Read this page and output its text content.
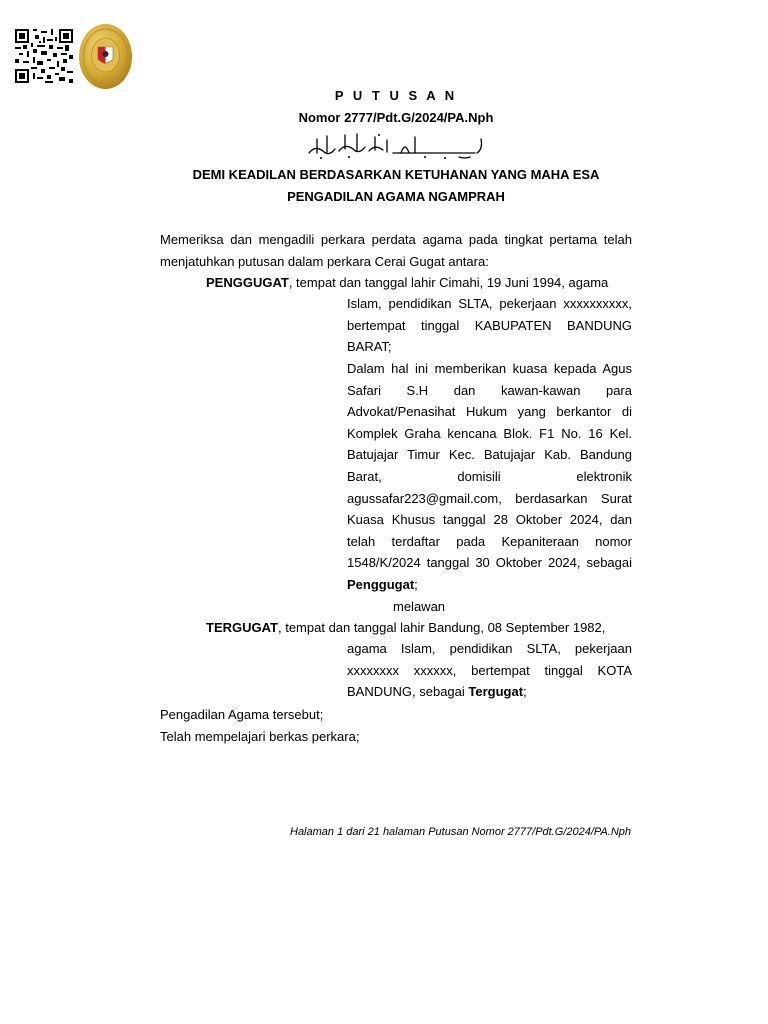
P U T U S A N
Nomor 2777/Pdt.G/2024/PA.Nph
DEMI KEADILAN BERDASARKAN KETUHANAN YANG MAHA ESA
PENGADILAN AGAMA NGAMPRAH
Memeriksa dan mengadili perkara perdata agama pada tingkat pertama telah menjatuhkan putusan dalam perkara Cerai Gugat antara:
PENGGUGAT, tempat dan tanggal lahir Cimahi, 19 Juni 1994, agama
Islam, pendidikan SLTA, pekerjaan xxxxxxxxxx, bertempat tinggal KABUPATEN BANDUNG BARAT;
Dalam hal ini memberikan kuasa kepada Agus Safari S.H dan kawan-kawan para Advokat/Penasihat Hukum yang berkantor di Komplek Graha kencana Blok. F1 No. 16 Kel. Batujajar Timur Kec. Batujajar Kab. Bandung Barat, domisili elektronik agussafar223@gmail.com, berdasarkan Surat Kuasa Khusus tanggal 28 Oktober 2024, dan telah terdaftar pada Kepaniteraan nomor 1548/K/2024 tanggal 30 Oktober 2024, sebagai Penggugat;
melawan
TERGUGAT, tempat dan tanggal lahir Bandung, 08 September 1982,
agama Islam, pendidikan SLTA, pekerjaan xxxxxxxx xxxxxx, bertempat tinggal KOTA BANDUNG, sebagai Tergugat;
Pengadilan Agama tersebut;
Telah mempelajari berkas perkara;
Halaman 1 dari 21 halaman Putusan Nomor 2777/Pdt.G/2024/PA.Nph
